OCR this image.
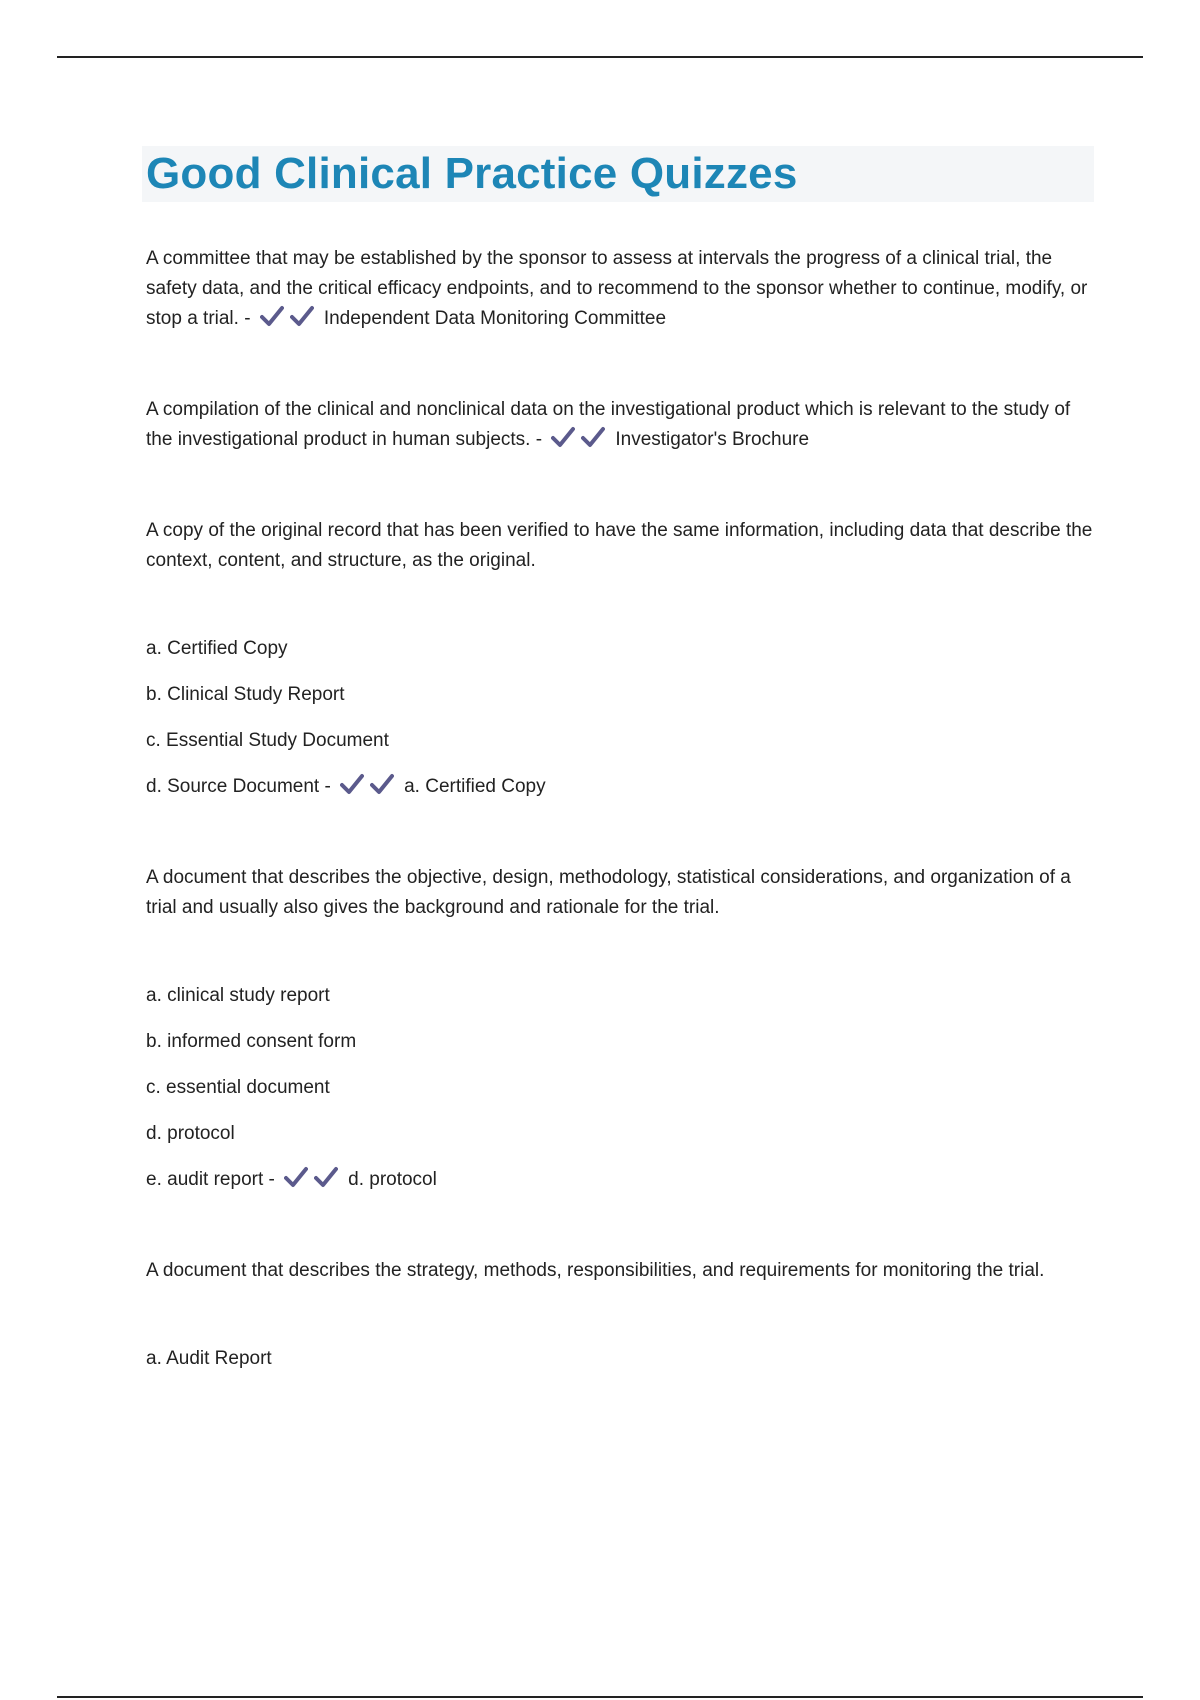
Good Clinical Practice Quizzes

A committee that may be established by the sponsor to assess at intervals the progress of a clinical trial, the safety data, and the critical efficacy endpoints, and to recommend to the sponsor whether to continue, modify, or stop a trial. -	Independent Data Monitoring Committee

A compilation of the clinical and nonclinical data on the investigational product which is relevant to the study of the investigational product in human subjects. -	Investigator's Brochure

A copy of the original record that has been verified to have the same information, including data that describe the context, content, and structure, as the original.

a. Certified Copy

b. Clinical Study Report

c. Essential Study Document

d. Source Document -	a. Certified Copy

A document that describes the objective, design, methodology, statistical considerations, and organization of a trial and usually also gives the background and rationale for the trial.

a. clinical study report

b. informed consent form

c. essential document

d. protocol

e. audit report -	d. protocol

A document that describes the strategy, methods, responsibilities, and requirements for monitoring the trial.

a. Audit Report
